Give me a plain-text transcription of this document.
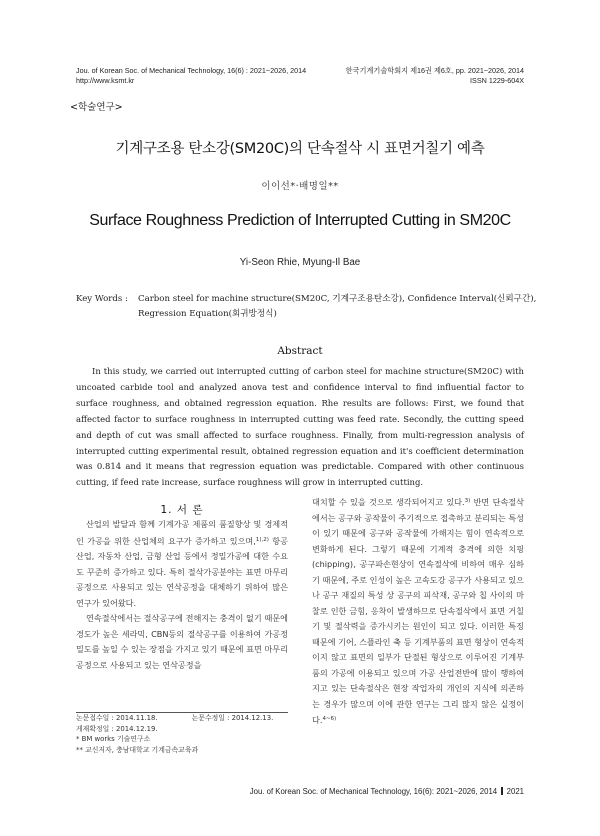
Jou. of Korean Soc. of Mechanical Technology, 16(6) : 2021~2026, 2014
http://www.ksmt.kr
한국기계기술학회지 제16권 제6호, pp. 2021~2026, 2014
ISSN 1229-604X
<학술연구>
기계구조용 탄소강(SM20C)의 단속절삭 시 표면거칠기 예측
이이선*·배명일**
Surface Roughness Prediction of Interrupted Cutting in SM20C
Yi-Seon Rhie, Myung-Il Bae
Key Words : Carbon steel for machine structure(SM20C, 기계구조용탄소강), Confidence Interval(신뢰구간),
Regression Equation(회귀방정식)
Abstract
In this study, we carried out interrupted cutting of carbon steel for machine structure(SM20C) with uncoated carbide tool and analyzed anova test and confidence interval to find influential factor to surface roughness, and obtained regression equation. Rhe results are follows: First, we found that affected factor to surface roughness in interrupted cutting was feed rate. Secondly, the cutting speed and depth of cut was small affected to surface roughness. Finally, from multi-regression analysis of interrupted cutting experimental result, obtained regression equation and it's coefficient determination was 0.814 and it means that regression equation was predictable. Compared with other continuous cutting, if feed rate increase, surface roughness will grow in interrupted cutting.
1. 서 론
산업의 발달과 함께 기계가공 제품의 품질향상 및 경제적인 가공을 위한 산업체의 요구가 증가하고 있으며,$^{1),2)}$ 항공 산업, 자동차 산업, 금형 산업 등에서 정밀가공에 대한 수요도 꾸준히 증가하고 있다. 특히 절삭가공분야는 표면 마무리 공정으로 사용되고 있는 연삭공정을 대체하기 위하여 많은 연구가 있어왔다.
연속절삭에서는 절삭공구에 전해지는 충격이 없기 때문에 경도가 높은 세라믹, CBN등의 절삭공구를 이용하여 가공정밀도를 높일 수 있는 장점을 가지고 있기 때문에 표면 마무리 공정으로 사용되고 있는 연삭공정을
대치할 수 있을 것으로 생각되어지고 있다.$^{3)}$ 반면 단속절삭에서는 공구와 공작물이 주기적으로 접촉하고 분리되는 특성이 있기 때문에 공구와 공작물에 가해지는 힘이 연속적으로 변화하게 된다. 그렇기 때문에 기계적 충격에 의한 치핑(chipping), 공구파손현상이 연속절삭에 비하여 매우 심하기 때문에, 주로 인성이 높은 고속도강 공구가 사용되고 있으나 공구 재질의 특성 상 공구의 피삭재, 공구와 칩 사이의 마찰로 인한 금힘, 응착이 발생하므로 단속절삭에서 표면 거칠기 및 절삭력을 증가시키는 원인이 되고 있다. 이러한 특징 때문에 기어, 스플라인 축 등 기계부품의 표면 형상이 연속적이지 않고 표면의 일부가 단절된 형상으로 이루어진 기계부품의 가공에 이용되고 있으며 가공 산업전반에 많이 행하여지고 있는 단속절삭은 현장 작업자의 개인의 지식에 의존하는 경우가 많으며 이에 관한 연구는 그리 많지 않은 실정이다.$^{4\sim 6)}$
논문접수일 : 2014.11.18.	논문수정일 : 2014.12.13.
게재확정일 : 2014.12.19.
* BM works 기술연구소
** 교신저자, 충남대학교 기계금속교육과
Jou. of Korean Soc. of Mechanical Technology, 16(6): 2021~2026, 2014 2021
